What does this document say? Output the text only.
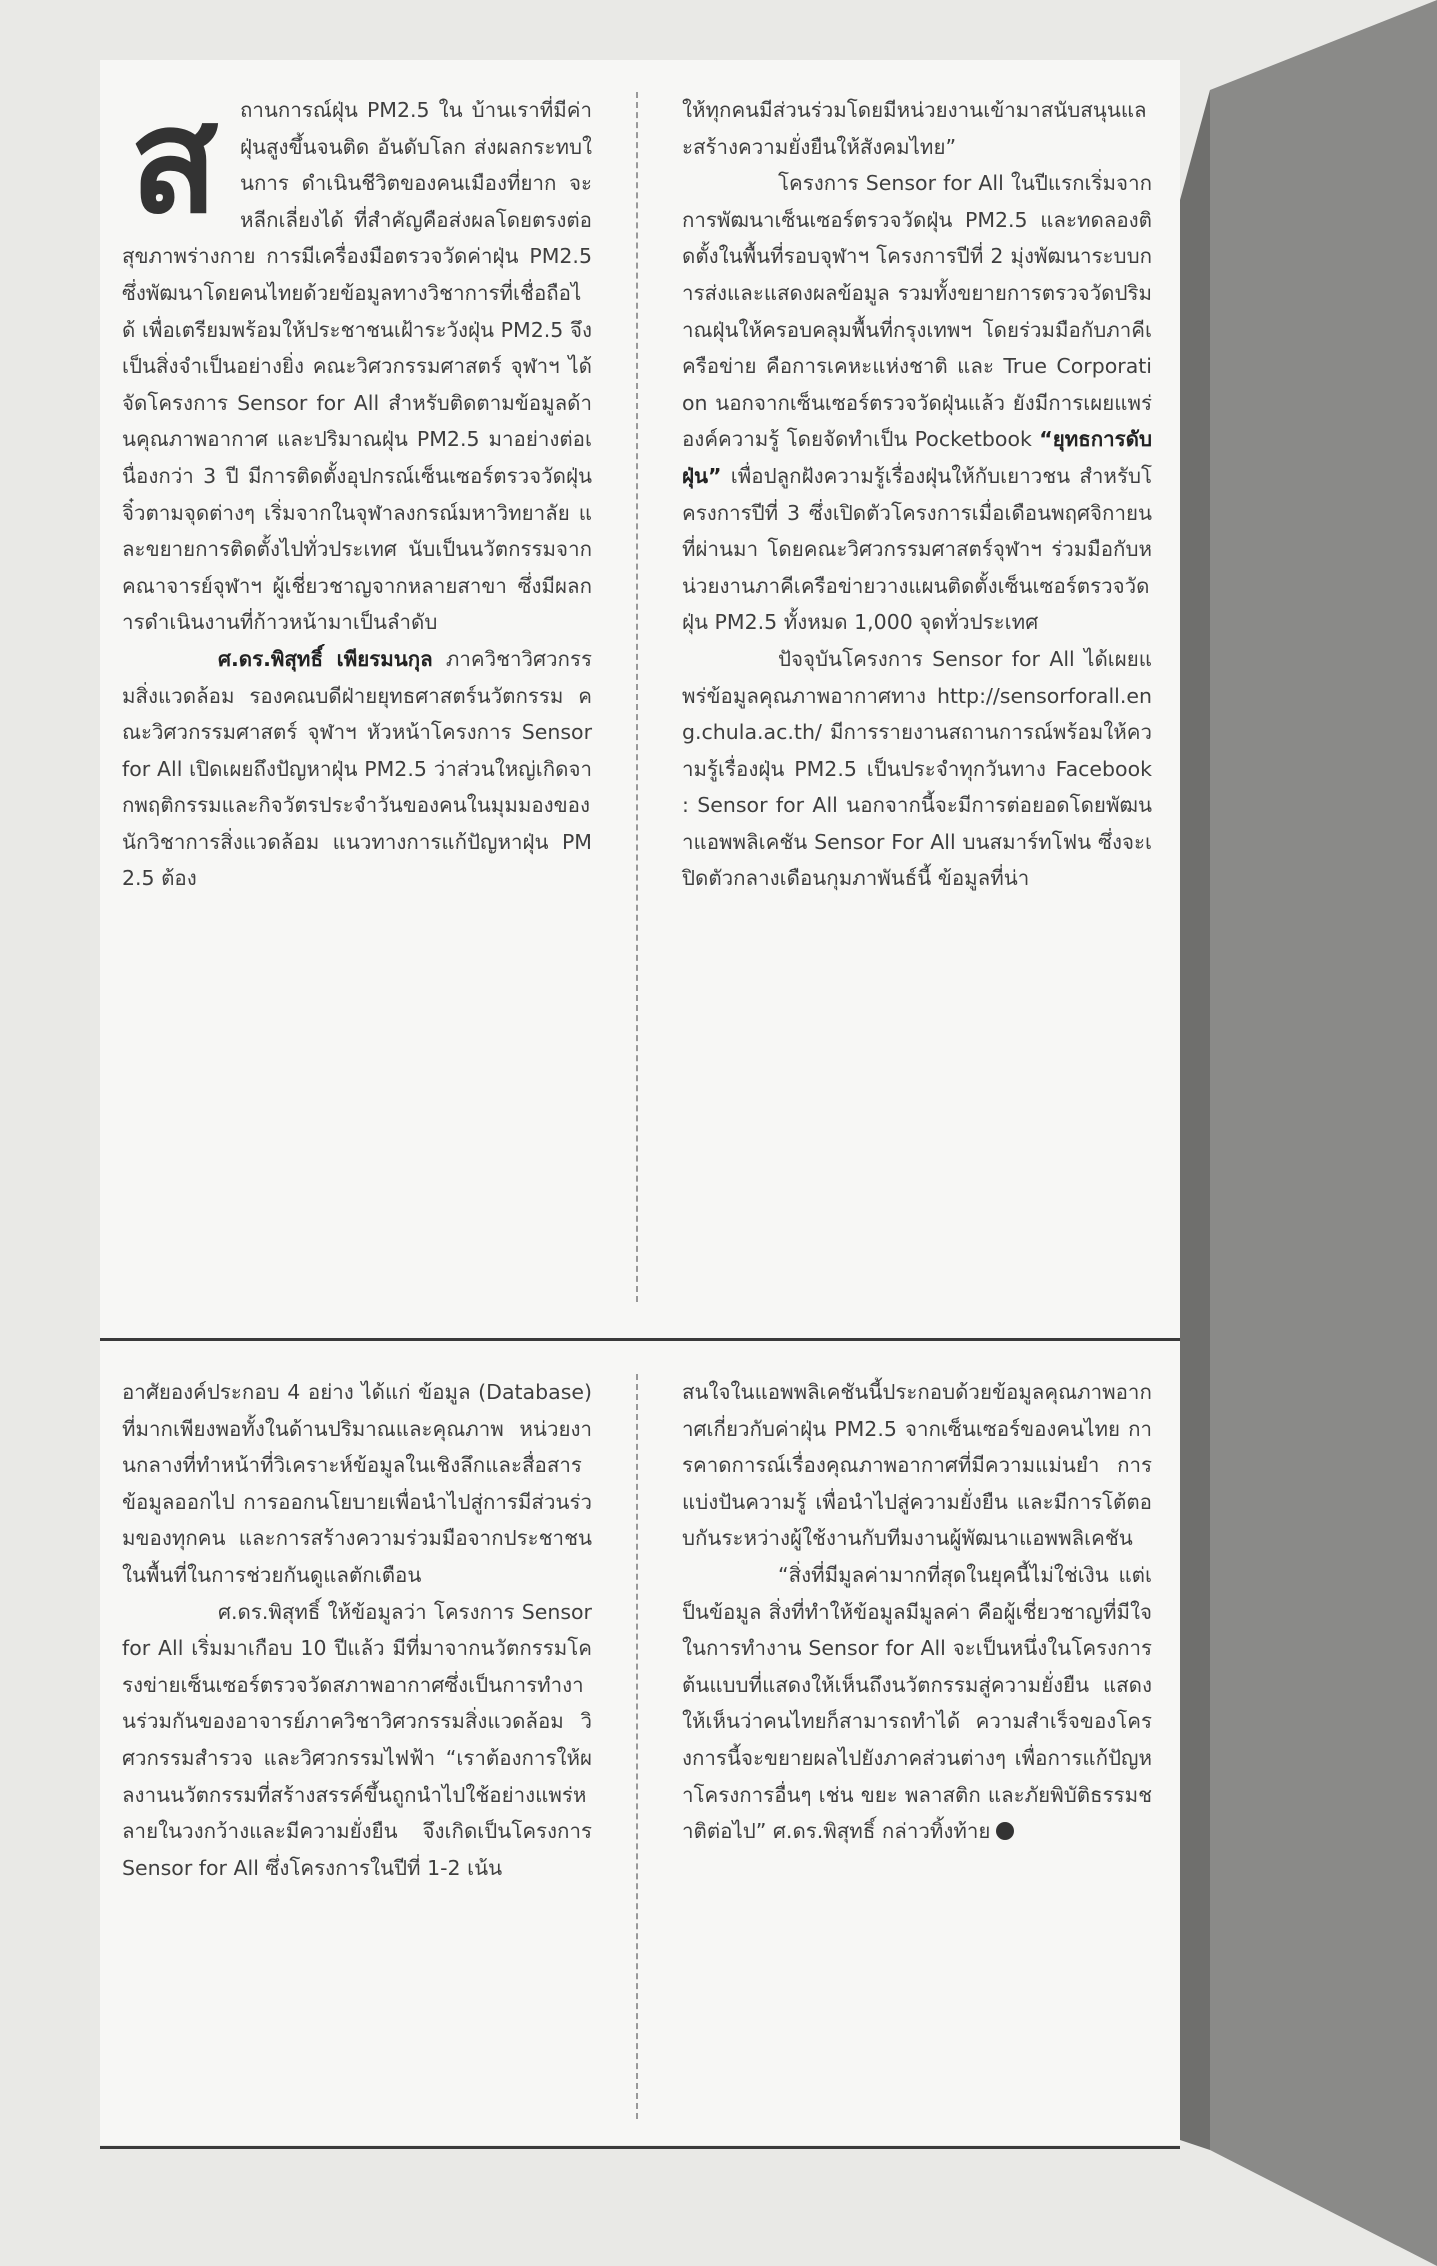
ส	ถานการณ์ฝุ่น PM2.5 ใน บ้านเราที่มีค่าฝุ่นสูงขึ้นจนติด อันดับโลก ส่งผลกระทบในการ ดำเนินชีวิตของคนเมืองที่ยาก จะหลีกเลี่ยงได้ ที่สำคัญคือส่งผลโดยตรงต่อสุขภาพร่างกาย การมีเครื่องมือตรวจวัดค่าฝุ่น PM2.5 ซึ่งพัฒนาโดยคนไทยด้วยข้อมูลทางวิชาการที่เชื่อถือได้ เพื่อเตรียมพร้อมให้ประชาชนเฝ้าระวังฝุ่น PM2.5 จึงเป็นสิ่งจำเป็นอย่างยิ่ง คณะวิศวกรรมศาสตร์ จุฬาฯ ได้จัดโครงการ Sensor for All สำหรับติดตามข้อมูลด้านคุณภาพอากาศ และปริมาณฝุ่น PM2.5 มาอย่างต่อเนื่องกว่า 3 ปี มีการติดตั้งอุปกรณ์เซ็นเซอร์ตรวจวัดฝุ่นจิ๋วตามจุดต่างๆ เริ่มจากในจุฬาลงกรณ์มหาวิทยาลัย และขยายการติดตั้งไปทั่วประเทศ นับเป็นนวัตกรรมจากคณาจารย์จุฬาฯ ผู้เชี่ยวชาญจากหลายสาขา ซึ่งมีผลการดำเนินงานที่ก้าวหน้ามาเป็นลำดับ

ศ.ดร.พิสุทธิ์ เพียรมนกุล ภาควิชาวิศวกรรมสิ่งแวดล้อม รองคณบดีฝ่ายยุทธศาสตร์นวัตกรรม คณะวิศวกรรมศาสตร์ จุฬาฯ หัวหน้าโครงการ Sensor for All เปิดเผยถึงปัญหาฝุ่น PM2.5 ว่าส่วนใหญ่เกิดจากพฤติกรรมและกิจวัตรประจำวันของคนในมุมมองของนักวิชาการสิ่งแวดล้อม แนวทางการแก้ปัญหาฝุ่น PM2.5 ต้อง

ให้ทุกคนมีส่วนร่วมโดยมีหน่วยงานเข้ามาสนับสนุนและสร้างความยั่งยืนให้สังคมไทย”

โครงการ Sensor for All ในปีแรกเริ่มจากการพัฒนาเซ็นเซอร์ตรวจวัดฝุ่น PM2.5 และทดลองติดตั้งในพื้นที่รอบจุฬาฯ โครงการปีที่ 2 มุ่งพัฒนาระบบการส่งและแสดงผลข้อมูล รวมทั้งขยายการตรวจวัดปริมาณฝุ่นให้ครอบคลุมพื้นที่กรุงเทพฯ โดยร่วมมือกับภาคีเครือข่าย คือการเคหะแห่งชาติ และ True Corporation นอกจากเซ็นเซอร์ตรวจวัดฝุ่นแล้ว ยังมีการเผยแพร่องค์ความรู้ โดยจัดทำเป็น Pocketbook “ยุทธการดับฝุ่น” เพื่อปลูกฝังความรู้เรื่องฝุ่นให้กับเยาวชน สำหรับโครงการปีที่ 3 ซึ่งเปิดตัวโครงการเมื่อเดือนพฤศจิกายนที่ผ่านมา โดยคณะวิศวกรรมศาสตร์จุฬาฯ ร่วมมือกับหน่วยงานภาคีเครือข่ายวางแผนติดตั้งเซ็นเซอร์ตรวจวัดฝุ่น PM2.5 ทั้งหมด 1,000 จุดทั่วประเทศ

ปัจจุบันโครงการ Sensor for All ได้เผยแพร่ข้อมูลคุณภาพอากาศทาง http://sensorforall.eng.chula.ac.th/ มีการรายงานสถานการณ์พร้อมให้ความรู้เรื่องฝุ่น PM2.5 เป็นประจำทุกวันทาง Facebook : Sensor for All นอกจากนี้จะมีการต่อยอดโดยพัฒนาแอพพลิเคชัน Sensor For All บนสมาร์ทโฟน ซึ่งจะเปิดตัวกลางเดือนกุมภาพันธ์นี้ ข้อมูลที่น่า

อาศัยองค์ประกอบ 4 อย่าง ได้แก่ ข้อมูล (Database) ที่มากเพียงพอทั้งในด้านปริมาณและคุณภาพ หน่วยงานกลางที่ทำหน้าที่วิเคราะห์ข้อมูลในเชิงลึกและสื่อสารข้อมูลออกไป การออกนโยบายเพื่อนำไปสู่การมีส่วนร่วมของทุกคน และการสร้างความร่วมมือจากประชาชนในพื้นที่ในการช่วยกันดูแลตักเตือน

ศ.ดร.พิสุทธิ์ ให้ข้อมูลว่า โครงการ Sensor for All เริ่มมาเกือบ 10 ปีแล้ว มีที่มาจากนวัตกรรมโครงข่ายเซ็นเซอร์ตรวจวัดสภาพอากาศซึ่งเป็นการทำงานร่วมกันของอาจารย์ภาควิชาวิศวกรรมสิ่งแวดล้อม วิศวกรรมสำรวจ และวิศวกรรมไฟฟ้า “เราต้องการให้ผลงานนวัตกรรมที่สร้างสรรค์ขึ้นถูกนำไปใช้อย่างแพร่หลายในวงกว้างและมีความยั่งยืน จึงเกิดเป็นโครงการ Sensor for All ซึ่งโครงการในปีที่ 1-2 เน้น

สนใจในแอพพลิเคชันนี้ประกอบด้วยข้อมูลคุณภาพอากาศเกี่ยวกับค่าฝุ่น PM2.5 จากเซ็นเซอร์ของคนไทย การคาดการณ์เรื่องคุณภาพอากาศที่มีความแม่นยำ การแบ่งปันความรู้ เพื่อนำไปสู่ความยั่งยืน และมีการโต้ตอบกันระหว่างผู้ใช้งานกับทีมงานผู้พัฒนาแอพพลิเคชัน

“สิ่งที่มีมูลค่ามากที่สุดในยุคนี้ไม่ใช่เงิน แต่เป็นข้อมูล สิ่งที่ทำให้ข้อมูลมีมูลค่า คือผู้เชี่ยวชาญที่มีใจในการทำงาน Sensor for All จะเป็นหนึ่งในโครงการต้นแบบที่แสดงให้เห็นถึงนวัตกรรมสู่ความยั่งยืน แสดงให้เห็นว่าคนไทยก็สามารถทำได้ ความสำเร็จของโครงการนี้จะขยายผลไปยังภาคส่วนต่างๆ เพื่อการแก้ปัญหาโครงการอื่นๆ เช่น ขยะ พลาสติก และภัยพิบัติธรรมชาติต่อไป” ศ.ดร.พิสุทธิ์ กล่าวทิ้งท้าย
